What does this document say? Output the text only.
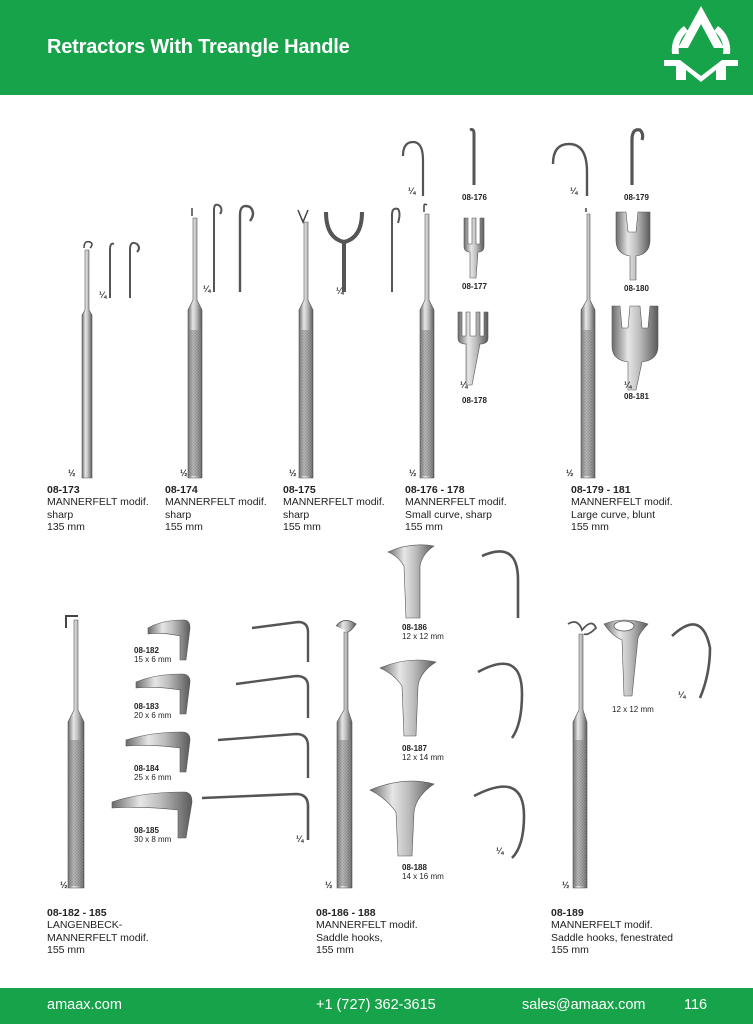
Retractors With Treangle Handle
¼
¼	¼
¼	¼
¼	¼
¼
¼
¼
½	½	½	½	½
½	½	½
08-176
08-177
08-178
08-179
08-180
08-181
08-182
15 x 6 mm
08-183
20 x 6 mm
08-184
25 x 6 mm
08-185
30 x 8 mm
08-186
12 x 12 mm
08-187
12 x 14 mm
08-188
14 x 16 mm
12 x 12 mm
08-173
MANNERFELT modif.
sharp
135 mm
08-174
MANNERFELT modif.
sharp
155 mm
08-175
MANNERFELT modif.
sharp
155 mm
08-176 - 178
MANNERFELT modif.
Small curve, sharp
155 mm
08-179 - 181
MANNERFELT modif.
Large curve, blunt
155 mm
08-182 - 185
LANGENBECK-
MANNERFELT modif.
155 mm
08-186 - 188
MANNERFELT modif.
Saddle hooks,
155 mm
08-189
MANNERFELT modif.
Saddle hooks, fenestrated
155 mm
amaax.com	+1 (727) 362-3615	sales@amaax.com	116
